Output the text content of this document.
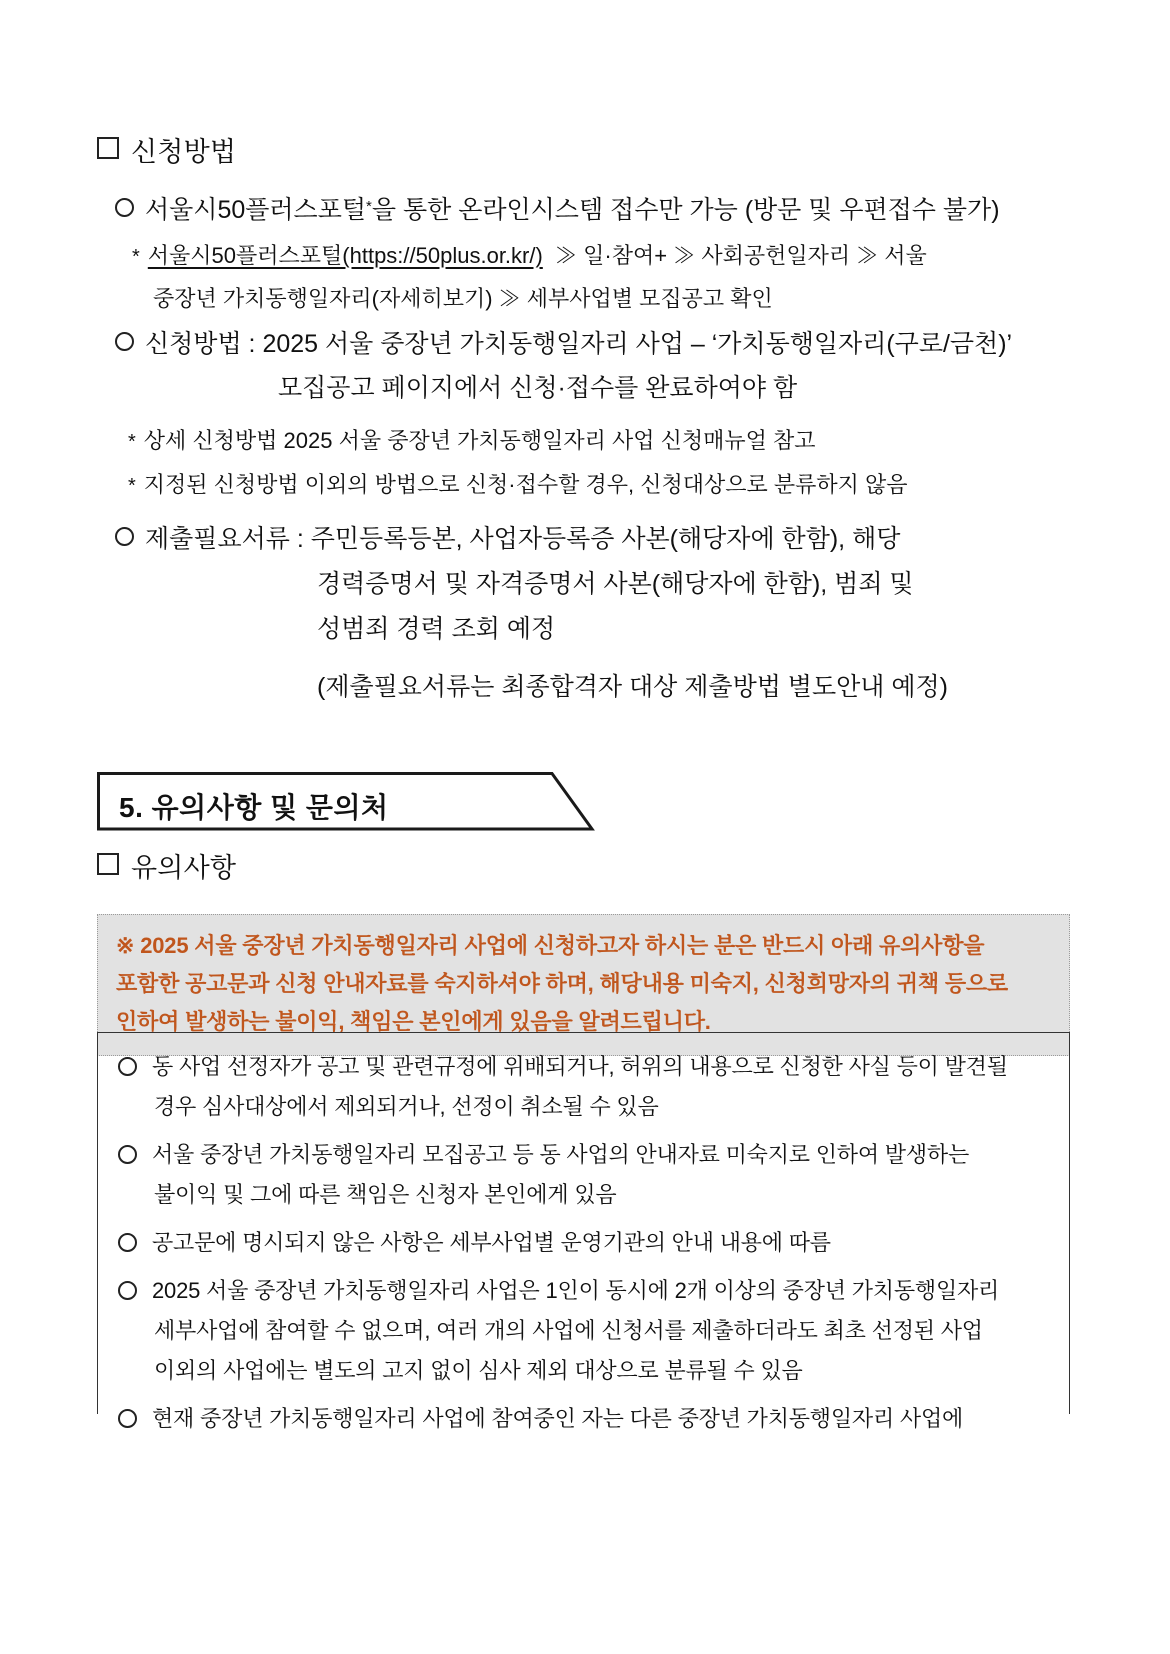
신청방법
서울시50플러스포털*을 통한 온라인시스템 접수만 가능 (방문 및 우편접수 불가)
* 서울시50플러스포털(https://50plus.or.kr/) ≫ 일·참여+ ≫ 사회공헌일자리 ≫ 서울
중장년 가치동행일자리(자세히보기) ≫ 세부사업별 모집공고 확인
신청방법 : 2025 서울 중장년 가치동행일자리 사업 – ‘가치동행일자리(구로/금천)’
모집공고 페이지에서 신청·접수를 완료하여야 함
* 상세 신청방법 2025 서울 중장년 가치동행일자리 사업 신청매뉴얼 참고
* 지정된 신청방법 이외의 방법으로 신청·접수할 경우, 신청대상으로 분류하지 않음
제출필요서류 : 주민등록등본, 사업자등록증 사본(해당자에 한함), 해당
경력증명서 및 자격증명서 사본(해당자에 한함), 범죄 및
성범죄 경력 조회 예정
(제출필요서류는 최종합격자 대상 제출방법 별도안내 예정)
5. 유의사항 및 문의처
유의사항

※ 2025 서울 중장년 가치동행일자리 사업에 신청하고자 하시는 분은 반드시 아래 유의사항을
포함한 공고문과 신청 안내자료를 숙지하셔야 하며, 해당내용 미숙지, 신청희망자의 귀책 등으로
인하여 발생하는 불이익, 책임은 본인에게 있음을 알려드립니다.

동 사업 선정자가 공고 및 관련규정에 위배되거나, 허위의 내용으로 신청한 사실 등이 발견될
경우 심사대상에서 제외되거나, 선정이 취소될 수 있음
서울 중장년 가치동행일자리 모집공고 등 동 사업의 안내자료 미숙지로 인하여 발생하는
불이익 및 그에 따른 책임은 신청자 본인에게 있음
공고문에 명시되지 않은 사항은 세부사업별 운영기관의 안내 내용에 따름
2025 서울 중장년 가치동행일자리 사업은 1인이 동시에 2개 이상의 중장년 가치동행일자리
세부사업에 참여할 수 없으며, 여러 개의 사업에 신청서를 제출하더라도 최초 선정된 사업
이외의 사업에는 별도의 고지 없이 심사 제외 대상으로 분류될 수 있음
현재 중장년 가치동행일자리 사업에 참여중인 자는 다른 중장년 가치동행일자리 사업에
